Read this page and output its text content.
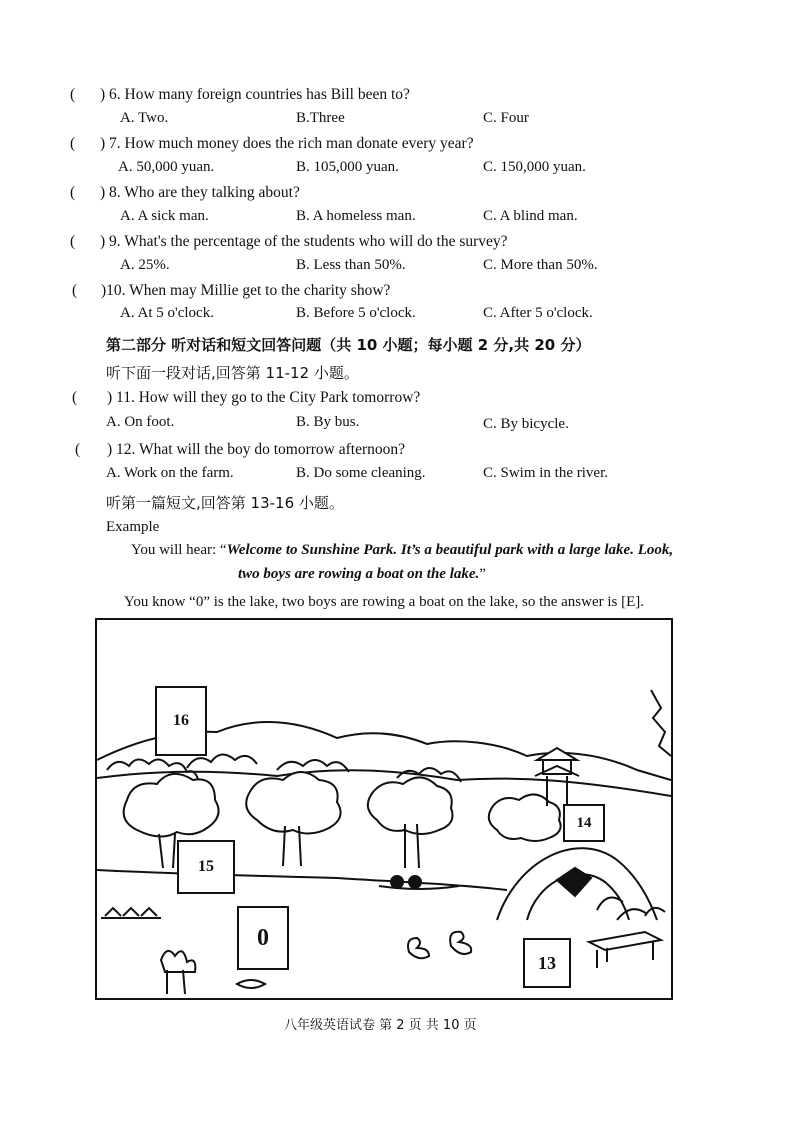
( ) 6. How many foreign countries has Bill been to?
A. Two.	B.Three	C. Four
( ) 7. How much money does the rich man donate every year?
A. 50,000 yuan.	B. 105,000 yuan.	C. 150,000 yuan.
( ) 8. Who are they talking about?
A. A sick man.	B. A homeless man.	C. A blind man.
( ) 9. What's the percentage of the students who will do the survey?
A. 25%.	B. Less than 50%.	C. More than 50%.
( )10. When may Millie get to the charity show?
A. At 5 o'clock.	B. Before 5 o'clock.	C. After 5 o'clock.
第二部分 听对话和短文回答问题（共 10 小题；每小题 2 分,共 20 分）
听下面一段对话,回答第 11-12 小题。
( ) 11. How will they go to the City Park tomorrow?
A. On foot.	B. By bus.	C. By bicycle.
( ) 12. What will the boy do tomorrow afternoon?
A. Work on the farm.	B. Do some cleaning.	C. Swim in the river.
听第一篇短文,回答第 13-16 小题。
Example
You will hear: “Welcome to Sunshine Park. It’s a beautiful park with a large lake. Look,
two boys are rowing a boat on the lake.”
You know “0” is the lake, two boys are rowing a boat on the lake, so the answer is [E].
16
15
14
0
13
八年级英语试卷 第 2 页 共 10 页
